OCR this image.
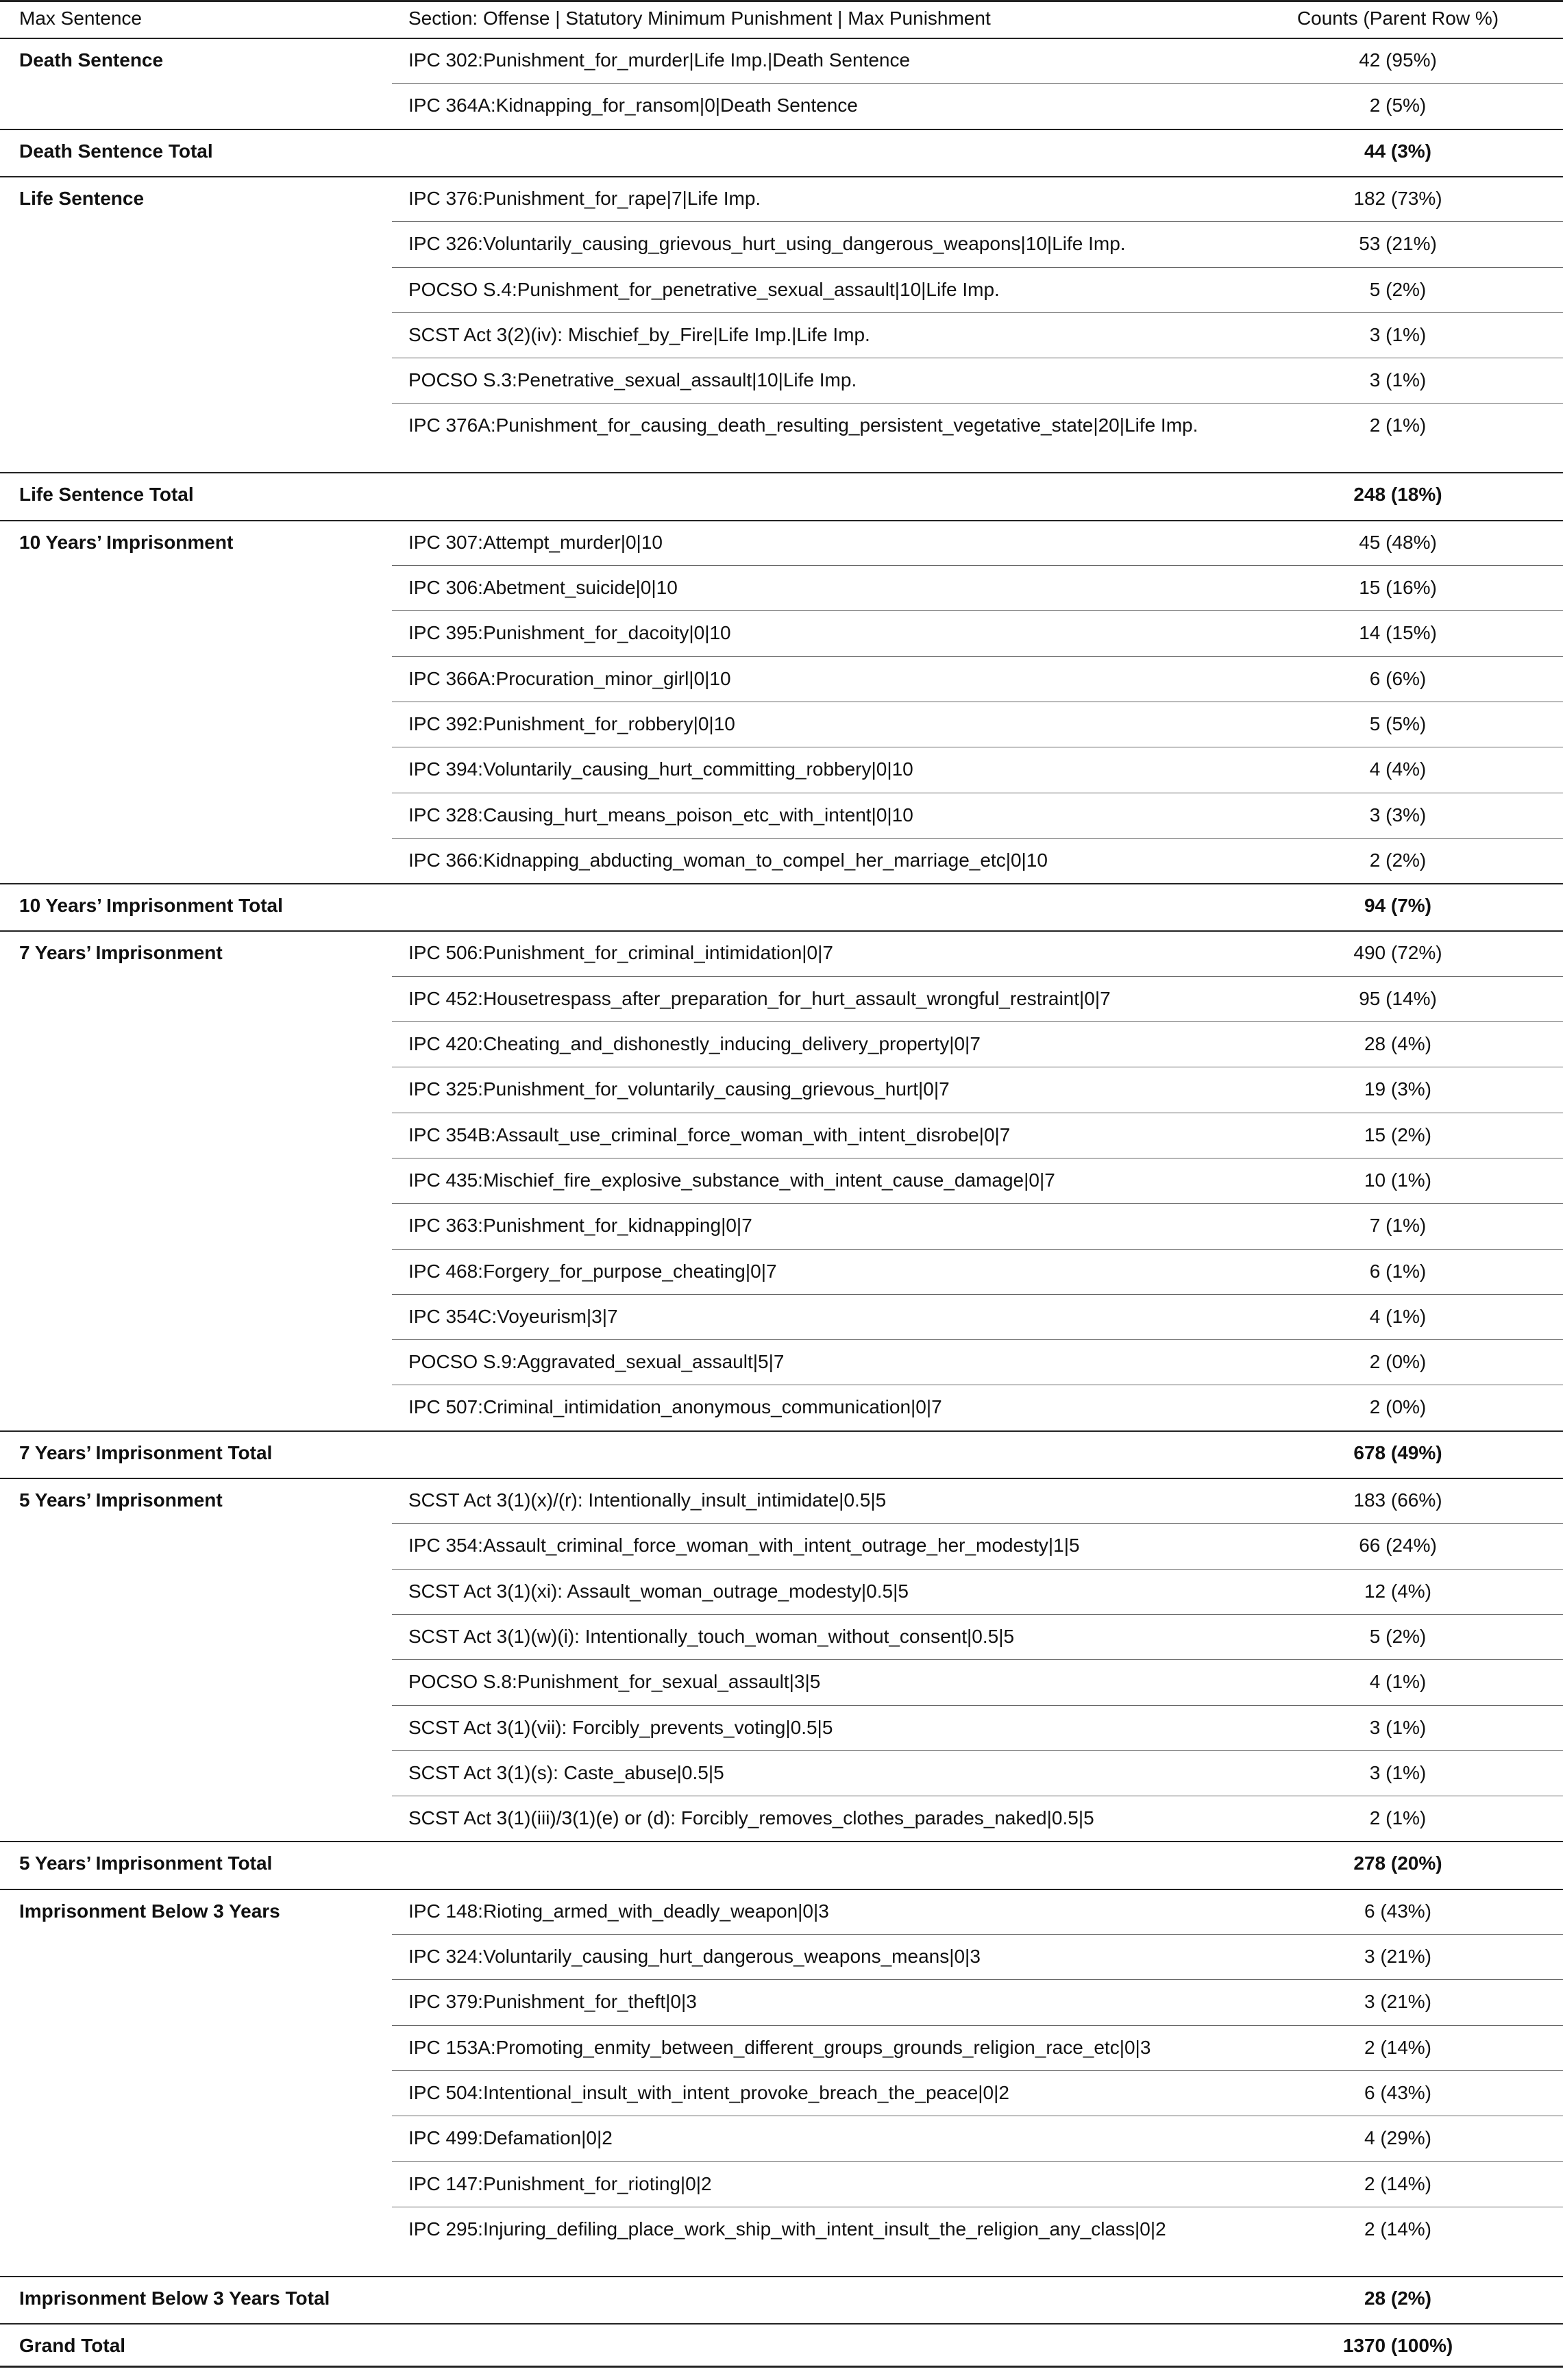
Max Sentence	Section: Offense | Statutory Minimum Punishment | Max Punishment	Counts (Parent Row %)
Death Sentence	IPC 302:Punishment_for_murder|Life Imp.|Death Sentence	42 (95%)
IPC 364A:Kidnapping_for_ransom|0|Death Sentence	2 (5%)
Death Sentence Total	44 (3%)
Life Sentence	IPC 376:Punishment_for_rape|7|Life Imp.	182 (73%)
IPC 326:Voluntarily_causing_grievous_hurt_using_dangerous_weapons|10|Life Imp.	53 (21%)
POCSO S.4:Punishment_for_penetrative_sexual_assault|10|Life Imp.	5 (2%)
SCST Act 3(2)(iv): Mischief_by_Fire|Life Imp.|Life Imp.	3 (1%)
POCSO S.3:Penetrative_sexual_assault|10|Life Imp.	3 (1%)
IPC 376A:Punishment_for_causing_death_resulting_persistent_vegetative_state|20|Life Imp.	2 (1%)
Life Sentence Total	248 (18%)
10 Years’ Imprisonment	IPC 307:Attempt_murder|0|10	45 (48%)
IPC 306:Abetment_suicide|0|10	15 (16%)
IPC 395:Punishment_for_dacoity|0|10	14 (15%)
IPC 366A:Procuration_minor_girl|0|10	6 (6%)
IPC 392:Punishment_for_robbery|0|10	5 (5%)
IPC 394:Voluntarily_causing_hurt_committing_robbery|0|10	4 (4%)
IPC 328:Causing_hurt_means_poison_etc_with_intent|0|10	3 (3%)
IPC 366:Kidnapping_abducting_woman_to_compel_her_marriage_etc|0|10	2 (2%)
10 Years’ Imprisonment Total	94 (7%)
7 Years’ Imprisonment	IPC 506:Punishment_for_criminal_intimidation|0|7	490 (72%)
IPC 452:Housetrespass_after_preparation_for_hurt_assault_wrongful_restraint|0|7	95 (14%)
IPC 420:Cheating_and_dishonestly_inducing_delivery_property|0|7	28 (4%)
IPC 325:Punishment_for_voluntarily_causing_grievous_hurt|0|7	19 (3%)
IPC 354B:Assault_use_criminal_force_woman_with_intent_disrobe|0|7	15 (2%)
IPC 435:Mischief_fire_explosive_substance_with_intent_cause_damage|0|7	10 (1%)
IPC 363:Punishment_for_kidnapping|0|7	7 (1%)
IPC 468:Forgery_for_purpose_cheating|0|7	6 (1%)
IPC 354C:Voyeurism|3|7	4 (1%)
POCSO S.9:Aggravated_sexual_assault|5|7	2 (0%)
IPC 507:Criminal_intimidation_anonymous_communication|0|7	2 (0%)
7 Years’ Imprisonment Total	678 (49%)
5 Years’ Imprisonment	SCST Act 3(1)(x)/(r): Intentionally_insult_intimidate|0.5|5	183 (66%)
IPC 354:Assault_criminal_force_woman_with_intent_outrage_her_modesty|1|5	66 (24%)
SCST Act 3(1)(xi): Assault_woman_outrage_modesty|0.5|5	12 (4%)
SCST Act 3(1)(w)(i): Intentionally_touch_woman_without_consent|0.5|5	5 (2%)
POCSO S.8:Punishment_for_sexual_assault|3|5	4 (1%)
SCST Act 3(1)(vii): Forcibly_prevents_voting|0.5|5	3 (1%)
SCST Act 3(1)(s): Caste_abuse|0.5|5	3 (1%)
SCST Act 3(1)(iii)/3(1)(e) or (d): Forcibly_removes_clothes_parades_naked|0.5|5	2 (1%)
5 Years’ Imprisonment Total	278 (20%)
Imprisonment Below 3 Years	IPC 148:Rioting_armed_with_deadly_weapon|0|3	6 (43%)
IPC 324:Voluntarily_causing_hurt_dangerous_weapons_means|0|3	3 (21%)
IPC 379:Punishment_for_theft|0|3	3 (21%)
IPC 153A:Promoting_enmity_between_different_groups_grounds_religion_race_etc|0|3	2 (14%)
IPC 504:Intentional_insult_with_intent_provoke_breach_the_peace|0|2	6 (43%)
IPC 499:Defamation|0|2	4 (29%)
IPC 147:Punishment_for_rioting|0|2	2 (14%)
IPC 295:Injuring_defiling_place_work_ship_with_intent_insult_the_religion_any_class|0|2	2 (14%)
Imprisonment Below 3 Years Total	28 (2%)
Grand Total	1370 (100%)
